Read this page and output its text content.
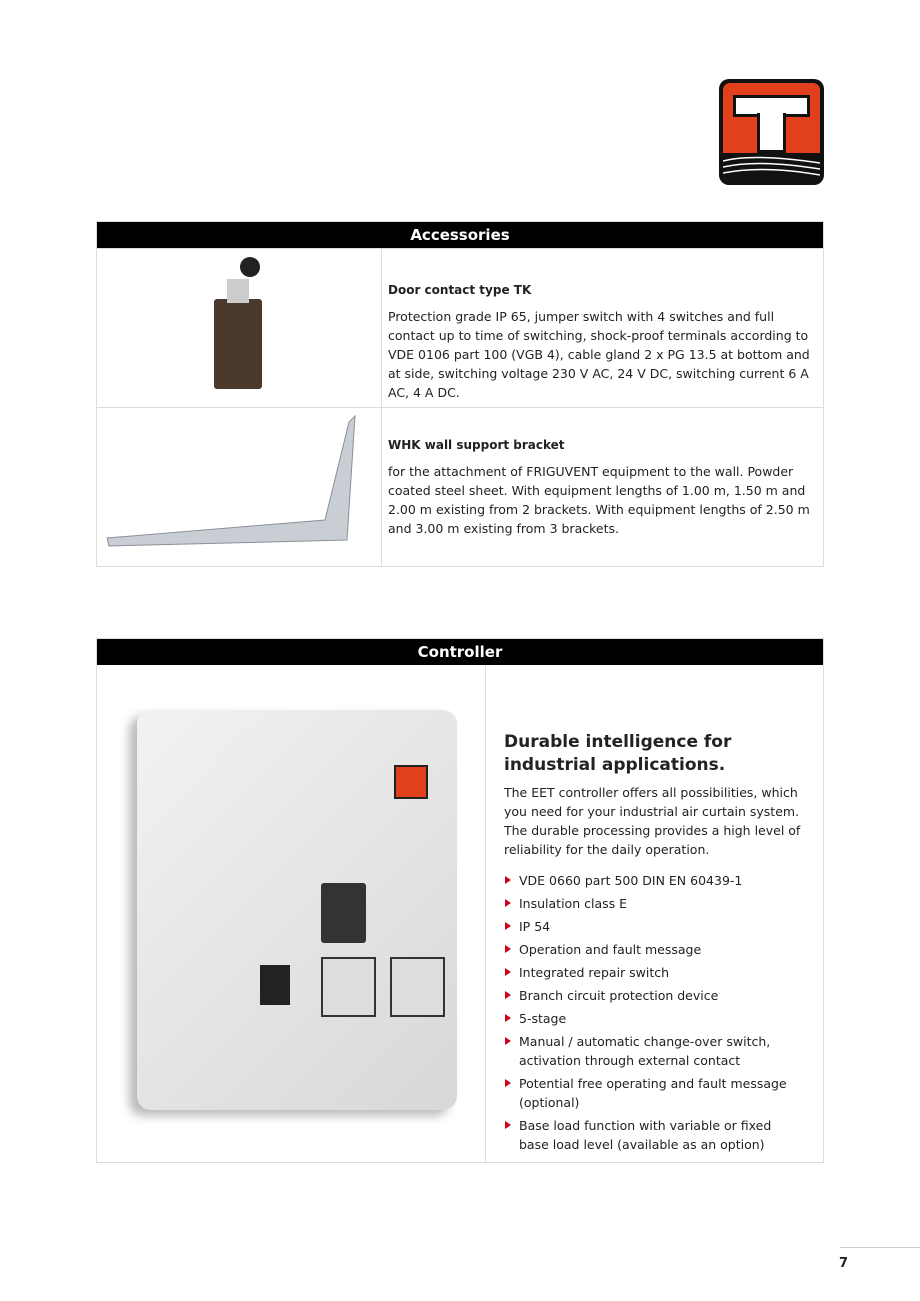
Accessories
Door contact type TK

Protection grade IP 65, jumper switch with 4 switches and full contact up to time of switching, shock-proof terminals according to VDE 0106 part 100 (VGB 4), cable gland 2 x PG 13.5 at bottom and at side, switching voltage 230 V AC, 24 V DC, switching current 6 A AC, 4 A DC.

WHK wall support bracket

for the attachment of FRIGUVENT equipment to the wall. Powder coated steel sheet. With equipment lengths of 1.00 m, 1.50 m and 2.00 m existing from 2 brackets. With equipment lengths of 2.50 m and 3.00 m existing from 3 brackets.

Controller
Durable intelligence for industrial applications.

The EET controller offers all possibilities, which you need for your industrial air curtain system. The durable processing provides a high level of reliability for the daily operation.

VDE 0660 part 500 DIN EN 60439-1
Insulation class E
IP 54
Operation and fault message
Integrated repair switch
Branch circuit protection device
5-stage
Manual / automatic change-over switch, activation through external contact
Potential free operating and fault message (optional)
Base load function with variable or fixed base load level (available as an option)
7
